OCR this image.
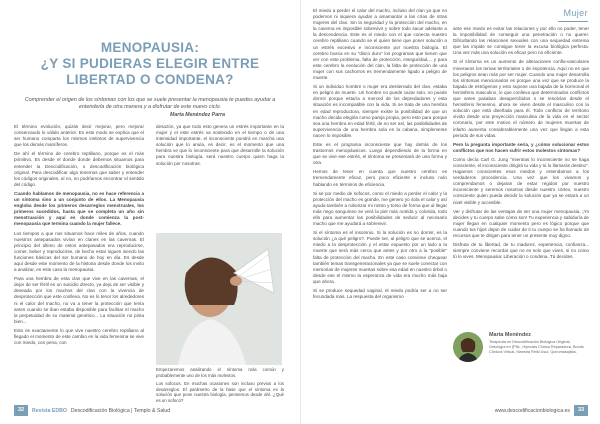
MENOPAUSIA:
¿Y SI PUDIERAS ELEGIR ENTRE
LIBERTAD O CONDENA?
Comprender el origen de los síntomas con los que se suele presentar la menopausia te puedes ayudar a entenderla de otra manera y a disfrutar de este nuevo ciclo.
Marta Menéndez Parra

El término evolución, quizás decir mejorar, pero mejorar conservando lo válido anterior. En este modo se explica que el ser humano comparta los mismos instintos de supervivencia que los demás mamíferos.

De ahí el término de cerebro reptiliano, porque es el más primitivo. Es desde el donde donde debemos situarnos para entender la Descodificación, o descodificación biológica original. Para descodificar algo tenemos que saber y entender los códigos originales, al no, no podríamos encontrar el sentido del código.

Cuando hablamos de menopausia, no es hace referencia a un síntoma sino a un conjunto de ellos. La Menopausia engloba desde los primeros desarreglos menstruales, los primeros sucedidos, hasta que se completa un año sin menstruación y aquí es donde comienza la post-menopausia que termina cuando la mujer fallece.

Los tiempos a que nos situamos hace miles de años, cuando nuestros antepasados vivían en clanes en las cavernas. El principio del último de estos antepasados era reproducirse, comer, beber y reproducirse, de hecho estar siguen siendo las funciones básicas del ser humano de hoy en día. Es desde aquí desde este momento de la historia desde donde los invito a analizar, en este caso la menopausia.

Para una hembra de esta clan que vive en las cavernas, el dejar de ser fértil es un suicidio directo, ya deja de ser visible y deseada por los machos del clan con la vivencia de desprotección que este conlleva. No es lo tenor los alrededores ni el calor del macho, no va a tener la protección que tenía antes cuando se iban estaba disponible para facilitar el macho la perpetuidad de su material genético... La situación no pinta bien...

Esto es exactamente lo que vive nuestro cerebro reptiliano al llegado el momento de este cambio en la vida femenina se vive con miedo, con pena, con

desazón, ya que todo esto genera un estrés importante en la mujer y el este estrés va sostenido en el tiempo o de una intensidad importante, el inconsciente pondrá en marcha una solución que lo anula, es decir, es el momento que una hembra ve que lo inconsciente para que desarrolle la solución para nuestra biología, será nuestro cuerpo quien haga la solución por nosotras.

32	Revista EDBO Descodificación Biológica | Templo & Salud
Mujer

El miedo a perder el calor del macho, incluso del clan ya que no podemos ni siquiera ayudar a amamantar a las crías de otras mujeres del clan. Sin la seguridad y la protección del macho, en la caverna es imposible sobrevivir y sobre todo sacar adelante a la descendencia. Este es el miedo con el que conecta nuestro cerebro reptiliano cuando se el quien tiene que poner solución a un estrés excesivo e inconsciente por nuestra biología. El cerebro busca en su "disco duro" los programas que tienen que ver con este problema, falta de protección, inseguridad,... y para este cerebro la evolución del clan, la falta de protección de una mujer con sus cachorros es tremendamente ligado a peligro de muerte.

Si un individuo hombre o mujer era destierrado del clan, estaba en peligro de muerte. Un hombre no puede cazar solo, no puede dormir porque estaría a merced de los depredadores y esta situación es incompatible con la vida. Si se trata de una hembra en edad reproductora, siempre existe la posibilidad de que un macho decida elegirla como pareja propia, pero esto para porque sea una hembra en edad fértil, de no ser así, las posibilidades de supervivencia de una hembra sola en la cabana, simplemente nacen lo imposible.

Este es el programa inconsciente que hay detrás de los trastornos menopáusicos. Luego dependiendo de la forma en que se vive ese estrés, el síntoma se presentará de una forma y otra.

Hemos de tener en cuenta que nuestro cerebro es tremendamente eficaz, pero poco eficiente e incluso nulo hablando en términos de eficiencia.

Si se por medio de sofocos, como el miedo a perder el calor y la protección del macho es grande, me genero yo sola el calor y así ayuda también a ruborizar mi rostro y torso de forma que al llegar más riego sanguíneo se verá la piel más nutrida y colorida, todo ello para aumentar las posibilidades de seducir al necesario macho que me ayudará a sobrevivir.

Si el síntoma es el insomnio. Si la solución es no dormir, es la solución ¿a qué peligro?. Puede ser, al peligro que se acerca, el miedo a la desprotección y el estar expuesto por un lado a la muerte que será más cerca que antes y por otro a la "posible" falta de protección del macho. En este caso conviene chequear también temas transgeneracionales ya que se suele conectar con memorias de mujeres muertas sobre esa edad en nuestro árbol o desde ese el mismo la esperanza de vida era mucho más baja que ahora.

Si se produce sequedad vaginal, el miedo podría ser a no ser fecundada más. La respuesta del organismo

ante ese miedo es evitar las relaciones y por ello no poder, tener la imposibilidad de conseguir una penetración o no querer. Dificultando las relaciones sexuales con una sequedad extrema que las impide se consigue tener la excusa biológica perfecta. Una vez más una solución es eficaz pero no eficiente.

Si el síntoma es un aumento de alteraciones confla-vasculares mineraeos los temas territoriales o de impotencia. Aquí no es que los peligros sean más por ser mujer. Cuando una mujer desarrolla los síntomas mencionados es porque una vez que se produce la bajada de estrógenos y esto supone una bajada de la hormonal el hemisferio masculino, lo que conlleva que determinados conflictos que antes pasaban desapercibidos o se resolvían desde el hemisferio femenino, ahora se viven desde el masculino con la solución que está diseñada para él. Todo conflicto de territorio vivido desde una proyección masculina de la vida en el sector coronario, por este motivo el número de mujeres muertas de infarto aumenta considerablemente una vez que llegan a esta periodo de sus vidas.

Pero la pregunta importante sería, y ¿cómo solucionar estos conflictos que nos hacen sufrir estos molestos síntomas?

Como decía Carl G. Jung "mientras lo inconsciente no se haga consciente, el inconsciente dirigirá tu vida y tú lo llamarás destino". Hagamos conscientes esos miedos y entendamos a los verdaderos procedencia. Una vez que los vivamos y comprendamos o dejaran de estar regidos por nuestro inconsciente y seremos nosotras desde nuestro córtex, nuestro consciente quien pueda decidir la solución que ya se estará a un nivel visible y accesible.

Ver y disfrutar de las ventajas de ser una mujer menopausia, ¡Yo decides y tu cuerpo sabe cómo son! Tu experiencia y sabiduría de mujer llegan en cualquier momento pero es lógico porque que cuando tus hijos dejan de cuidar de ti tu cuerpo se ha llamado de recursos que te dirigen para tener un presente muy digno.

Disfruta de tu libertad, de tu madurez, experiencia, confianza... siempre conviene recordar que no es solo que vives, si no como tú lo vives. Menopausia: Liberación o condena. Tú decides.

Marta Menéndez
Terapeuta en Descodificación Biológica Original, Ontología en (PNL, Hipnosis Clínica Reparadora, Bonds Clínicos Virtual, Maestra Reiki Usui, Quiromasajista.
www.descodificacionbiologica.es	33

Empezaremos analizando el síntoma más común y probablemente uno de los más molestos.

Los sofocos. En muchas ocasiones son incluso previos a los desarreglos. El parámetro de la base que el síntoma es la solución que pone nuestra biología, pensemos desde ahí. ¿Qué es un sofocó?
